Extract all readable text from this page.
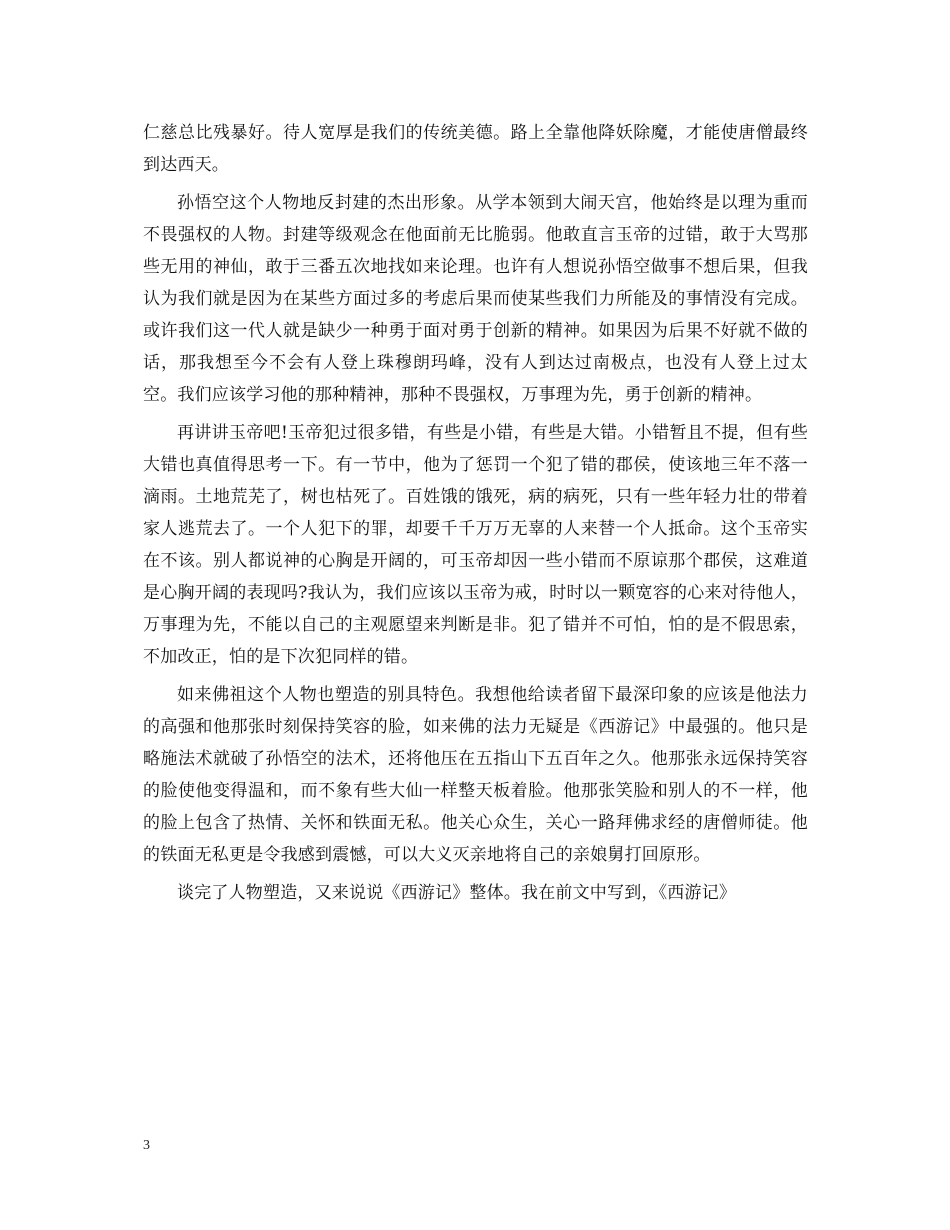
仁慈总比残暴好。待人宽厚是我们的传统美德。路上全靠他降妖除魔，才能使唐僧最终到达西天。

孙悟空这个人物地反封建的杰出形象。从学本领到大闹天宫，他始终是以理为重而不畏强权的人物。封建等级观念在他面前无比脆弱。他敢直言玉帝的过错，敢于大骂那些无用的神仙，敢于三番五次地找如来论理。也许有人想说孙悟空做事不想后果，但我认为我们就是因为在某些方面过多的考虑后果而使某些我们力所能及的事情没有完成。或许我们这一代人就是缺少一种勇于面对勇于创新的精神。如果因为后果不好就不做的话，那我想至今不会有人登上珠穆朗玛峰，没有人到达过南极点，也没有人登上过太空。我们应该学习他的那种精神，那种不畏强权，万事理为先，勇于创新的精神。

再讲讲玉帝吧!玉帝犯过很多错，有些是小错，有些是大错。小错暂且不提，但有些大错也真值得思考一下。有一节中，他为了惩罚一个犯了错的郡侯，使该地三年不落一滴雨。土地荒芜了，树也枯死了。百姓饿的饿死，病的病死，只有一些年轻力壮的带着家人逃荒去了。一个人犯下的罪，却要千千万万无辜的人来替一个人抵命。这个玉帝实在不该。别人都说神的心胸是开阔的，可玉帝却因一些小错而不原谅那个郡侯，这难道是心胸开阔的表现吗?我认为，我们应该以玉帝为戒，时时以一颗宽容的心来对待他人，万事理为先，不能以自己的主观愿望来判断是非。犯了错并不可怕，怕的是不假思索，不加改正，怕的是下次犯同样的错。

如来佛祖这个人物也塑造的别具特色。我想他给读者留下最深印象的应该是他法力的高强和他那张时刻保持笑容的脸，如来佛的法力无疑是《西游记》中最强的。他只是略施法术就破了孙悟空的法术，还将他压在五指山下五百年之久。他那张永远保持笑容的脸使他变得温和，而不象有些大仙一样整天板着脸。他那张笑脸和别人的不一样，他的脸上包含了热情、关怀和铁面无私。他关心众生，关心一路拜佛求经的唐僧师徒。他的铁面无私更是令我感到震憾，可以大义灭亲地将自己的亲娘舅打回原形。

谈完了人物塑造，又来说说《西游记》整体。我在前文中写到，《西游记》

3
